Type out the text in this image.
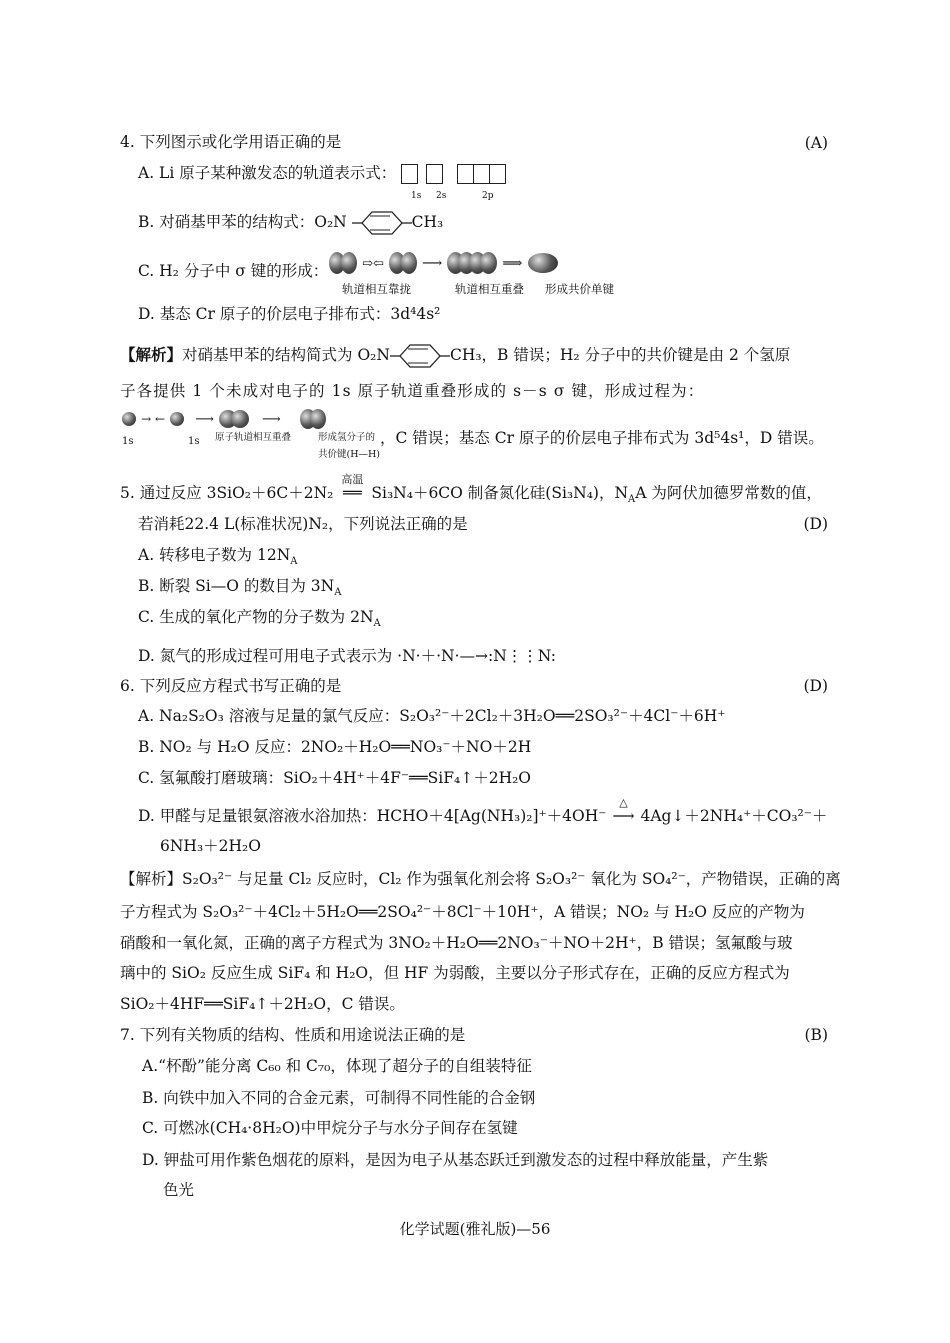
4. 下列图示或化学用语正确的是	(A)
A. Li 原子某种激发态的轨道表示式：
1s 2s	2p
B. 对硝基甲苯的结构式：O₂N	CH₃
C. H₂ 分子中 σ 键的形成：	⇨⇦	⟶	⟹
轨道相互靠拢	轨道相互重叠 形成共价单键
D. 基态 Cr 原子的价层电子排布式：3d⁴4s²
【解析】对硝基甲苯的结构简式为 O₂N	CH₃，B 错误；H₂ 分子中的共价键是由 2 个氢原
子各提供 1 个未成对电子的 1s 原子轨道重叠形成的 s－s σ 键，形成过程为：
→ ← ⟶	⟶
1s	1s 原子轨道相互重叠	形成氢分子的
共价键(H—H)
，C 错误；基态 Cr 原子的价层电子排布式为 3d⁵4s¹，D 错误。
5. 通过反应 3SiO₂＋6C＋2N₂
高温
══ Si₃N₄＋6CO 制备氮化硅(Si₃N₄)，$N_AA$ 为阿伏加德罗常数的值，
若消耗22.4 L(标准状况)N₂，下列说法正确的是	(D)
A. 转移电子数为 $12N_A$
B. 断裂 Si—O 的数目为 $3N_A$
C. 生成的氧化产物的分子数为 $2N_A$
D. 氮气的形成过程可用电子式表示为 ·N·＋·N·—→:N⋮⋮N:
6. 下列反应方程式书写正确的是	(D)
A. Na₂S₂O₃ 溶液与足量的氯气反应：S₂O₃²⁻＋2Cl₂＋3H₂O══2SO₃²⁻＋4Cl⁻＋6H⁺
B. NO₂ 与 H₂O 反应：2NO₂＋H₂O══NO₃⁻＋NO＋2H
C. 氢氟酸打磨玻璃：SiO₂＋4H⁺＋4F⁻══SiF₄↑＋2H₂O
D. 甲醛与足量银氨溶液水浴加热：HCHO＋4[Ag(NH₃)₂]⁺＋4OH⁻
△
⟶ 4Ag↓＋2NH₄⁺＋CO₃²⁻＋
6NH₃＋2H₂O
【解析】S₂O₃²⁻ 与足量 Cl₂ 反应时，Cl₂ 作为强氧化剂会将 S₂O₃²⁻ 氧化为 SO₄²⁻，产物错误，正确的离
子方程式为 S₂O₃²⁻＋4Cl₂＋5H₂O══2SO₄²⁻＋8Cl⁻＋10H⁺，A 错误；NO₂ 与 H₂O 反应的产物为
硝酸和一氧化氮，正确的离子方程式为 3NO₂＋H₂O══2NO₃⁻＋NO＋2H⁺，B 错误；氢氟酸与玻
璃中的 SiO₂ 反应生成 SiF₄ 和 H₂O，但 HF 为弱酸，主要以分子形式存在，正确的反应方程式为
SiO₂＋4HF══SiF₄↑＋2H₂O，C 错误。
7. 下列有关物质的结构、性质和用途说法正确的是	(B)
A.“杯酚”能分离 C₆₀ 和 C₇₀，体现了超分子的自组装特征
B. 向铁中加入不同的合金元素，可制得不同性能的合金钢
C. 可燃冰(CH₄·8H₂O)中甲烷分子与水分子间存在氢键
D. 钾盐可用作紫色烟花的原料，是因为电子从基态跃迁到激发态的过程中释放能量，产生紫
色光
化学试题(雅礼版)—56
